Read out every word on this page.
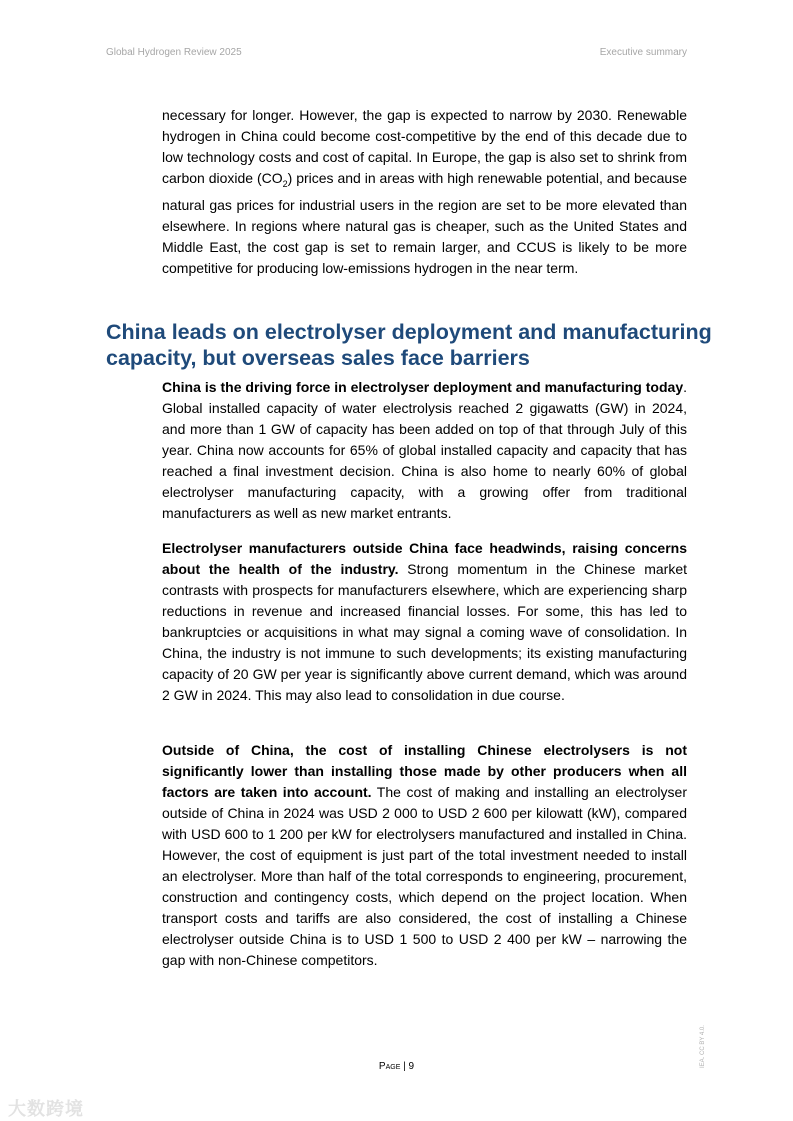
Global Hydrogen Review 2025	Executive summary

necessary for longer. However, the gap is expected to narrow by 2030. Renewable hydrogen in China could become cost-competitive by the end of this decade due to low technology costs and cost of capital. In Europe, the gap is also set to shrink from carbon dioxide $(CO_2)$ prices and in areas with high renewable potential, and because natural gas prices for industrial users in the region are set to be more elevated than elsewhere. In regions where natural gas is cheaper, such as the United States and Middle East, the cost gap is set to remain larger, and CCUS is likely to be more competitive for producing low-emissions hydrogen in the near term.

China leads on electrolyser deployment and manufacturing capacity, but overseas sales face barriers

China is the driving force in electrolyser deployment and manufacturing today. Global installed capacity of water electrolysis reached 2 gigawatts (GW) in 2024, and more than 1 GW of capacity has been added on top of that through July of this year. China now accounts for 65% of global installed capacity and capacity that has reached a final investment decision. China is also home to nearly 60% of global electrolyser manufacturing capacity, with a growing offer from traditional manufacturers as well as new market entrants.

Electrolyser manufacturers outside China face headwinds, raising concerns about the health of the industry. Strong momentum in the Chinese market contrasts with prospects for manufacturers elsewhere, which are experiencing sharp reductions in revenue and increased financial losses. For some, this has led to bankruptcies or acquisitions in what may signal a coming wave of consolidation. In China, the industry is not immune to such developments; its existing manufacturing capacity of 20 GW per year is significantly above current demand, which was around 2 GW in 2024. This may also lead to consolidation in due course.

Outside of China, the cost of installing Chinese electrolysers is not significantly lower than installing those made by other producers when all factors are taken into account. The cost of making and installing an electrolyser outside of China in 2024 was USD 2 000 to USD 2 600 per kilowatt (kW), compared with USD 600 to 1 200 per kW for electrolysers manufactured and installed in China. However, the cost of equipment is just part of the total investment needed to install an electrolyser. More than half of the total corresponds to engineering, procurement, construction and contingency costs, which depend on the project location. When transport costs and tariffs are also considered, the cost of installing a Chinese electrolyser outside China is to USD 1 500 to USD 2 400 per kW – narrowing the gap with non-Chinese competitors.

Page | 9	IEA. CC BY 4.0.
大数跨境
